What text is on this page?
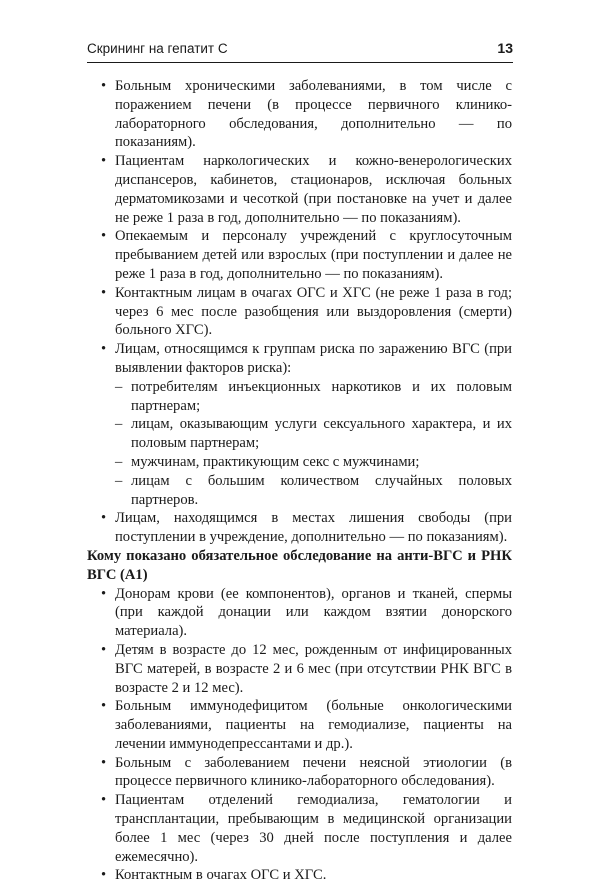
Скрининг на гепатит С	13
• Больным хроническими заболеваниями, в том числе с поражением печени (в процессе первичного клинико-лабораторного обследования, дополнительно — по показаниям).
• Пациентам наркологических и кожно-венерологических диспансеров, кабинетов, стационаров, исключая больных дерматомикозами и чесоткой (при постановке на учет и далее не реже 1 раза в год, дополнительно — по показаниям).
• Опекаемым и персоналу учреждений с круглосуточным пребыванием детей или взрослых (при поступлении и далее не реже 1 раза в год, дополнительно — по показаниям).
• Контактным лицам в очагах ОГС и ХГС (не реже 1 раза в год; через 6 мес после разобщения или выздоровления (смерти) больного ХГС).
• Лицам, относящимся к группам риска по заражению ВГС (при выявлении факторов риска):
– потребителям инъекционных наркотиков и их половым партнерам;
– лицам, оказывающим услуги сексуального характера, и их половым партнерам;
– мужчинам, практикующим секс с мужчинами;
– лицам с большим количеством случайных половых партнеров.
• Лицам, находящимся в местах лишения свободы (при поступлении в учреждение, дополнительно — по показаниям).
Кому показано обязательное обследование на анти-ВГС и РНК ВГС (A1)
• Донорам крови (ее компонентов), органов и тканей, спермы (при каждой донации или каждом взятии донорского материала).
• Детям в возрасте до 12 мес, рожденным от инфицированных ВГС матерей, в возрасте 2 и 6 мес (при отсутствии РНК ВГС в возрасте 2 и 12 мес).
• Больным иммунодефицитом (больные онкологическими заболеваниями, пациенты на гемодиализе, пациенты на лечении иммунодепрессантами и др.).
• Больным с заболеванием печени неясной этиологии (в процессе первичного клинико-лабораторного обследования).
• Пациентам отделений гемодиализа, гематологии и трансплантации, пребывающим в медицинской организации более 1 мес (через 30 дней после поступления и далее ежемесячно).
• Контактным в очагах ОГС и ХГС.
